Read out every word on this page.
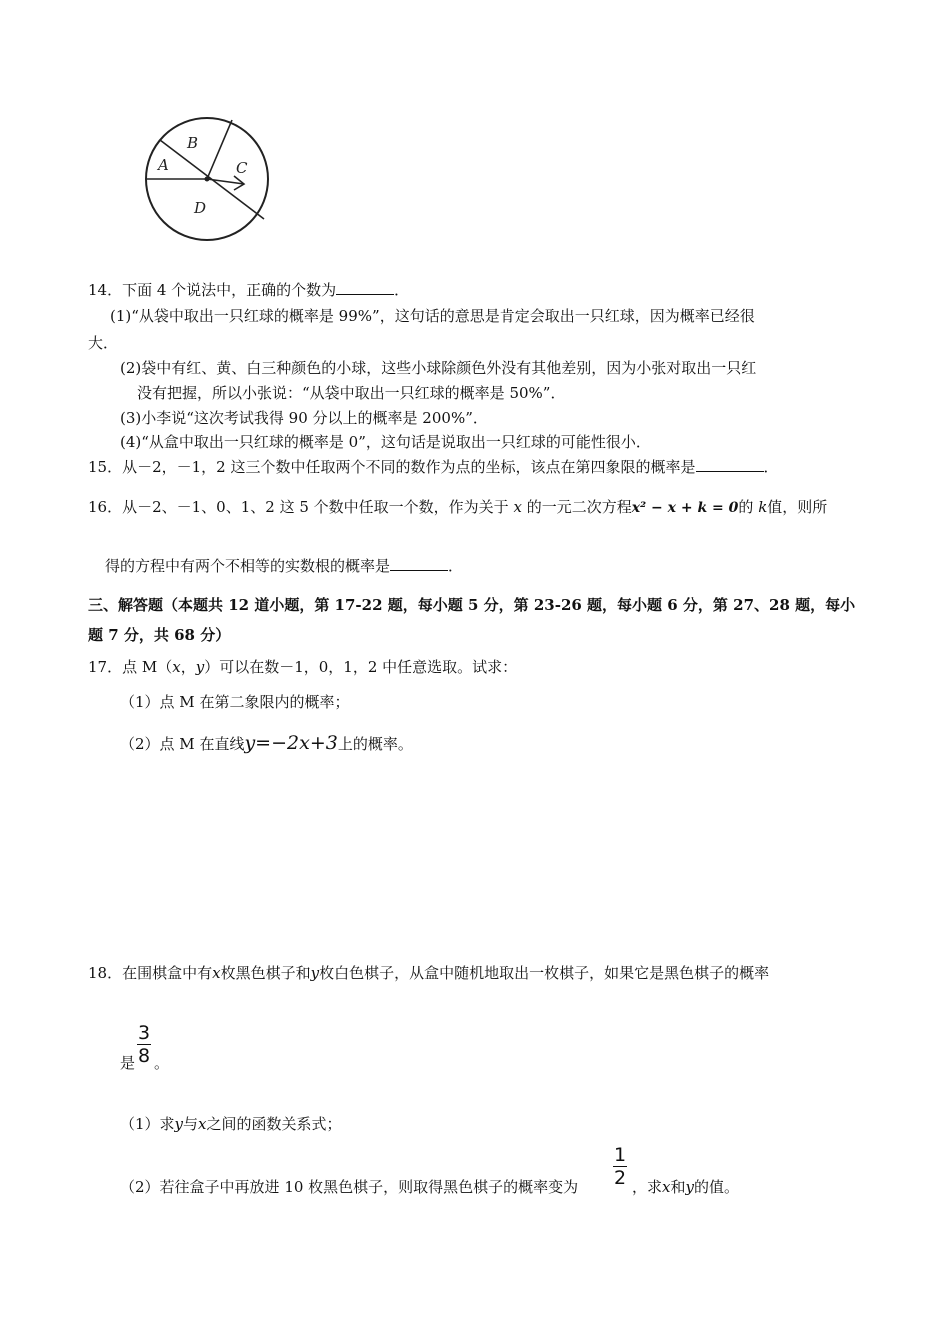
A
B
C
D
14．下面 4 个说法中，正确的个数为	．
(1)“从袋中取出一只红球的概率是 99%”，这句话的意思是肯定会取出一只红球，因为概率已经很
大．
(2)袋中有红、黄、白三种颜色的小球，这些小球除颜色外没有其他差别，因为小张对取出一只红
没有把握，所以小张说：“从袋中取出一只红球的概率是 50%”．
(3)小李说“这次考试我得 90 分以上的概率是 200%”．
(4)“从盒中取出一只红球的概率是 0”，这句话是说取出一只红球的可能性很小．
15．从－2，－1，2 这三个数中任取两个不同的数作为点的坐标，该点在第四象限的概率是	．
16．从－2、－1、0、1、2 这 5 个数中任取一个数，作为关于 x 的一元二次方程x² − x + k = 0的 k值，则所
得的方程中有两个不相等的实数根的概率是	．
三、解答题（本题共 12 道小题，第 17-22 题，每小题 5 分，第 23-26 题，每小题 6 分，第 27、28 题，每小
题 7 分，共 68 分）
17．点 M（x，y）可以在数－1，0，1，2 中任意选取。试求：
（1）点 M 在第二象限内的概率；
（2）点 M 在直线y=−2x+3上的概率。
18．在围棋盒中有x枚黑色棋子和y枚白色棋子，从盒中随机地取出一枚棋子，如果它是黑色棋子的概率
3
8
是 。
（1）求y与x之间的函数关系式；
1
2
（2）若往盒子中再放进 10 枚黑色棋子，则取得黑色棋子的概率变为	，求x和y的值。
